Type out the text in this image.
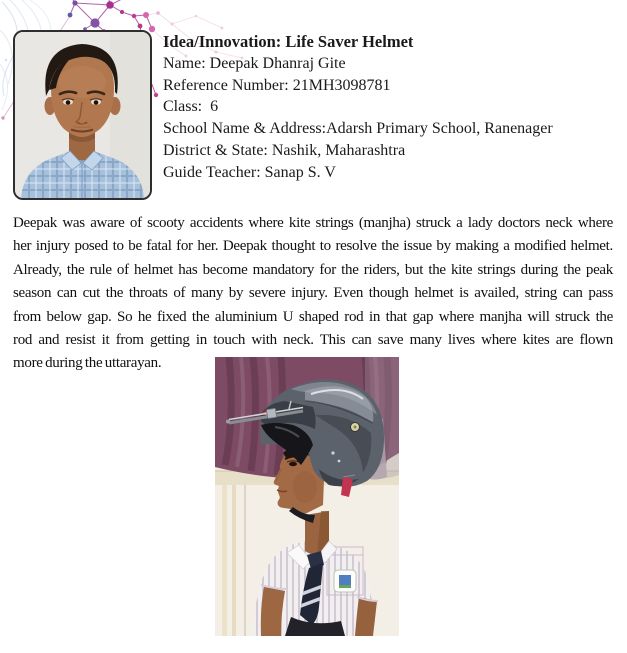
Idea/Innovation: Life Saver Helmet
Name: Deepak Dhanraj Gite
Reference Number: 21MH3098781
Class:  6
School Name & Address:Adarsh Primary School, Ranenager
District & State: Nashik, Maharashtra
Guide Teacher: Sanap S. V
Deepak was aware of scooty accidents where kite strings (manjha) struck a lady doctors neck where
her injury posed to be fatal for her. Deepak thought to resolve the issue by making a modified helmet.
Already, the rule of helmet has become mandatory for the riders, but the kite strings during the peak
season can cut the throats of many by severe injury. Even though helmet is availed, string can pass
from below gap. So he fixed the aluminium U shaped rod in that gap where manjha will struck the
rod and resist it from getting in touch with neck. This can save many lives where kites are flown
more during the uttarayan.
